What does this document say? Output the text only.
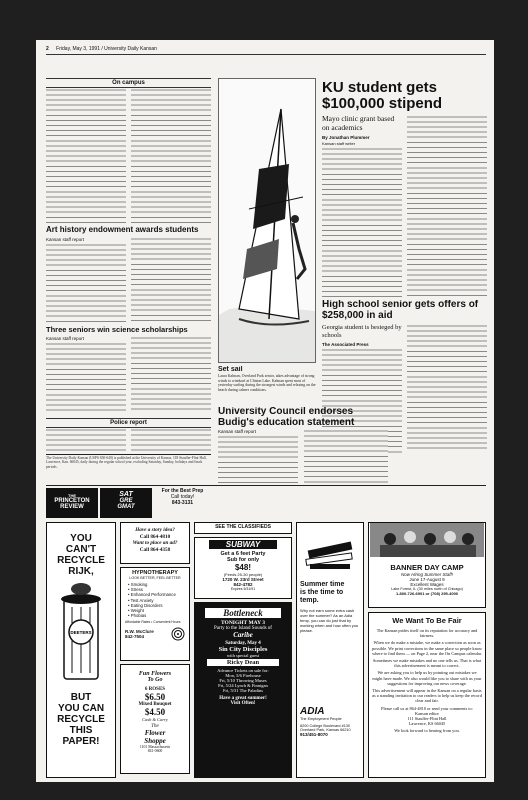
2 Friday, May 3, 1991 / University Daily Kansan
On campus
Art history endowment awards students
Kansan staff report
Three seniors win science scholarships
Kansan staff report
Police report
The University Daily Kansan (USPS 650-640) is published at the University of Kansas, 118 Stauffer-Flint Hall, Lawrence, Kan. 66045, daily during the regular school year, excluding Saturday, Sunday, holidays and finals periods.
Set sail
Laura Kalman, Overland Park senior, takes advantage of strong winds to windsurf at Clinton Lake. Kalman spent most of yesterday surfing during the strongest winds and relaxing on the beach during calmer conditions.
KU student gets $100,000 stipend
Mayo clinic grant based on academics
By Jonathan Plummer
Kansan staff writer
High school senior gets offers of $258,000 in aid
Georgia student is besieged by schools
The Associated Press
University Council endorses Budig's education statement
Kansan staff report
THE
PRINCETON
REVIEW
SAT
GRE
GMAT
For the Best Prep
Call today!
843-3131
YOU
CAN'T
RECYCLE
RIJK,
DEETERS
BUT
YOU CAN
RECYCLE
THIS
PAPER!
Have a story idea?
Call 864-4810
Want to place an ad?
Call 864-4358
HYPNOTHERAPY
LOOK BETTER, FEEL BETTER
• Smoking
• Stress
• Enhanced Performance
• Test Anxiety
• Eating Disorders
• Weight
• Phobias
Affordable Rates • Convenient Hours
R.W. McClure
842-7504
Fun Flowers
To Go
6 ROSES
$6.50
Mixed Bouquet
$4.50
Cash & Carry
The
Flower
Shoppe
1101 Massachusetts
841-0600
SEE THE CLASSIFIEDS
SUBWAY
Get a 6 feet Party
Sub for only
$48!
(Feeds 25-30 people)
1720 W. 23rd Street
842-4782
Expires 5/31/91
Bottleneck
TONIGHT MAY 3
Party to the Island Sounds of
Caribe
Saturday, May 4
Sin City Disciples
with special guest
Ricky Dean
Advance Tickets on sale for:
Mon, 5/6 Firehouse
Fri, 5/10 Throwing Muses
Fri, 5/24 Lynch & Finnigan
Fri, 5/31 The Paladins
Have a great summer!
Visit Often!
Summer time
is the time to
temp.
Why not earn some extra cash over the summer? As an Adia temp, you can do just that by working when and how often you please.
ADIA
The Employment People
8200 College Boulevard #130 Overland Park, Kansas 66210
913/451-8070
BANNER DAY CAMP
Now Hiring Summer Staff!
June 17-August 9
Excellent Wages
Lake Forest, IL (30 miles north of Chicago)
1-800-726-6901 or (708) 295-4000
We Want To Be Fair
The Kansan prides itself on its reputation for accuracy and fairness.
When we do make a mistake, we make a correction as soon as possible. We print corrections in the same place so people know where to find them — on Page 2, near the On Campus calendar.
Sometimes we make mistakes and no one tells us. That is what this advertisement is meant to correct.
We are asking you to help us by pointing out mistakes we might have made. We also would like you to share with us your suggestions for improving our news coverage.
This advertisement will appear in the Kansan on a regular basis as a standing invitation to our readers to help us keep the record clear and fair.
Please call us at 864-4810 or send your comments to:
Kansan editor
111 Stauffer-Flint Hall
Lawrence, KS 66045
We look forward to hearing from you.
